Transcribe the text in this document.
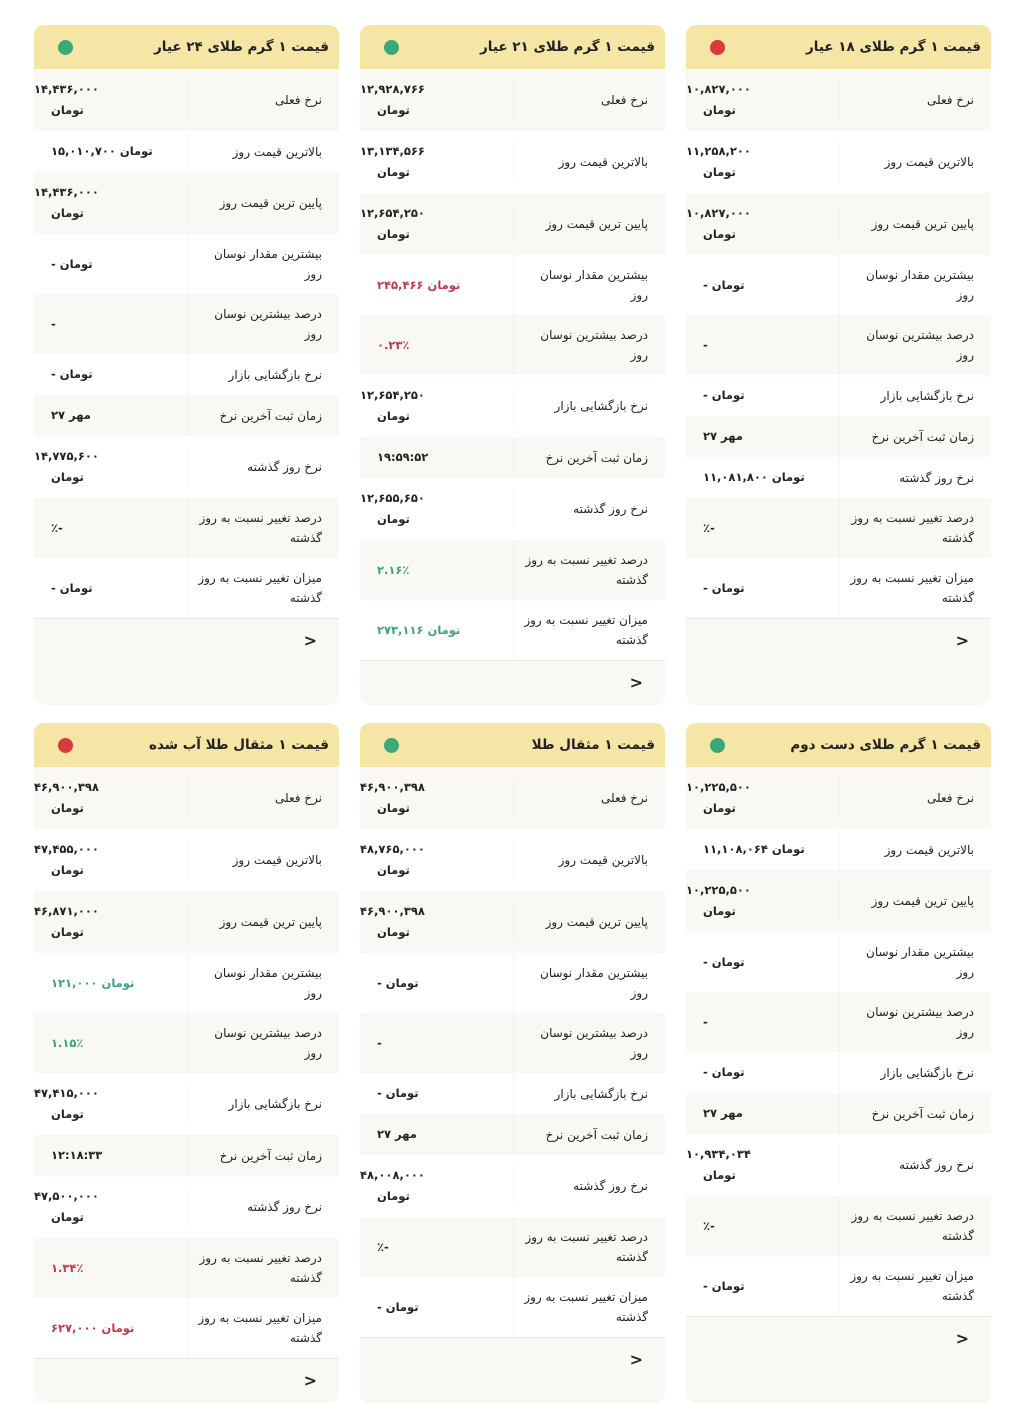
قیمت ۱ گرم طلای ۱۸ عیار
نرخ فعلی
۱۰,۸۲۷,۰۰۰
تومان
بالاترین قیمت روز
۱۱,۲۵۸,۲۰۰
تومان
پایین ترین قیمت روز
۱۰,۸۲۷,۰۰۰
تومان
بیشترین مقدار نوسان روز
- تومان
درصد بیشترین نوسان روز
-
نرخ بازگشایی بازار
- تومان
زمان ثبت آخرین نرخ
۲۷ مهر
نرخ روز گذشته
۱۱,۰۸۱,۸۰۰ تومان
درصد تغییر نسبت به روز گذشته
٪-
میزان تغییر نسبت به روز گذشته
- تومان
<
قیمت ۱ گرم طلای ۲۱ عیار
نرخ فعلی
۱۲,۹۲۸,۷۶۶
تومان
بالاترین قیمت روز
۱۳,۱۳۴,۵۶۶
تومان
پایین ترین قیمت روز
۱۲,۶۵۴,۲۵۰
تومان
بیشترین مقدار نوسان روز
۲۴۵,۴۶۶ تومان
درصد بیشترین نوسان روز
۰.۲۳٪
نرخ بازگشایی بازار
۱۲,۶۵۴,۲۵۰
تومان
زمان ثبت آخرین نرخ
۱۹:۵۹:۵۲
نرخ روز گذشته
۱۲,۶۵۵,۶۵۰
تومان
درصد تغییر نسبت به روز گذشته
۲.۱۶٪
میزان تغییر نسبت به روز گذشته
۲۷۳,۱۱۶ تومان
<
قیمت ۱ گرم طلای ۲۴ عیار
نرخ فعلی
۱۴,۴۳۶,۰۰۰
تومان
بالاترین قیمت روز
۱۵,۰۱۰,۷۰۰ تومان
پایین ترین قیمت روز
۱۴,۴۳۶,۰۰۰
تومان
بیشترین مقدار نوسان روز
- تومان
درصد بیشترین نوسان روز
-
نرخ بازگشایی بازار
- تومان
زمان ثبت آخرین نرخ
۲۷ مهر
نرخ روز گذشته
۱۴,۷۷۵,۶۰۰
تومان
درصد تغییر نسبت به روز گذشته
٪-
میزان تغییر نسبت به روز گذشته
- تومان
<
قیمت ۱ گرم طلای دست دوم
نرخ فعلی
۱۰,۲۲۵,۵۰۰
تومان
بالاترین قیمت روز
۱۱,۱۰۸,۰۶۴ تومان
پایین ترین قیمت روز
۱۰,۲۲۵,۵۰۰
تومان
بیشترین مقدار نوسان روز
- تومان
درصد بیشترین نوسان روز
-
نرخ بازگشایی بازار
- تومان
زمان ثبت آخرین نرخ
۲۷ مهر
نرخ روز گذشته
۱۰,۹۳۴,۰۳۴
تومان
درصد تغییر نسبت به روز گذشته
٪-
میزان تغییر نسبت به روز گذشته
- تومان
<
قیمت ۱ مثقال طلا
نرخ فعلی
۴۶,۹۰۰,۳۹۸
تومان
بالاترین قیمت روز
۴۸,۷۶۵,۰۰۰
تومان
پایین ترین قیمت روز
۴۶,۹۰۰,۳۹۸
تومان
بیشترین مقدار نوسان روز
- تومان
درصد بیشترین نوسان روز
-
نرخ بازگشایی بازار
- تومان
زمان ثبت آخرین نرخ
۲۷ مهر
نرخ روز گذشته
۴۸,۰۰۸,۰۰۰
تومان
درصد تغییر نسبت به روز گذشته
٪-
میزان تغییر نسبت به روز گذشته
- تومان
<
قیمت ۱ مثقال طلا آب شده
نرخ فعلی
۴۶,۹۰۰,۳۹۸
تومان
بالاترین قیمت روز
۴۷,۴۵۵,۰۰۰
تومان
پایین ترین قیمت روز
۴۶,۸۷۱,۰۰۰
تومان
بیشترین مقدار نوسان روز
۱۲۱,۰۰۰ تومان
درصد بیشترین نوسان روز
۱.۱۵٪
نرخ بازگشایی بازار
۴۷,۴۱۵,۰۰۰
تومان
زمان ثبت آخرین نرخ
۱۲:۱۸:۳۳
نرخ روز گذشته
۴۷,۵۰۰,۰۰۰
تومان
درصد تغییر نسبت به روز گذشته
۱.۳۴٪
میزان تغییر نسبت به روز گذشته
۶۲۷,۰۰۰ تومان
<
